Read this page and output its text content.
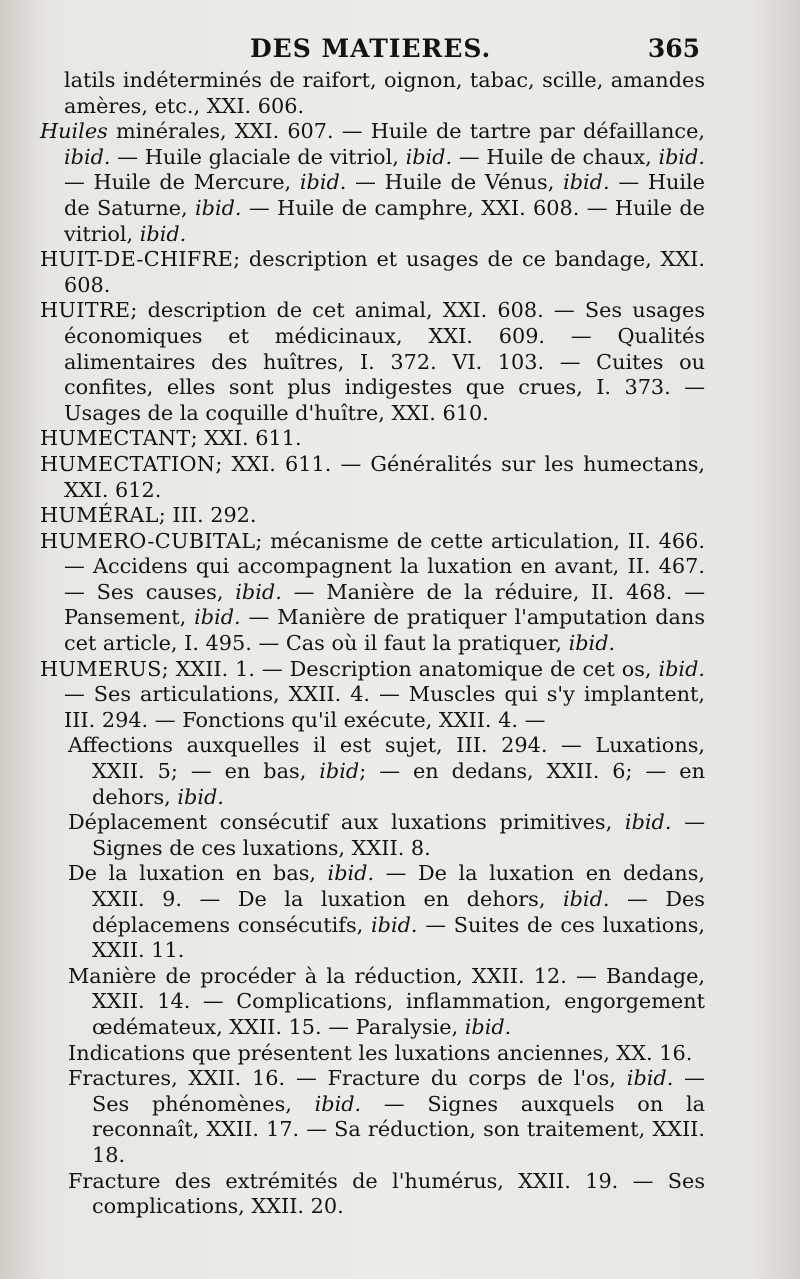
DES MATIERES.	365

latils indéterminés de raifort, oignon, tabac, scille, amandes amères, etc., XXI. 606.

Huiles minérales, XXI. 607. — Huile de tartre par défaillance, ibid. — Huile glaciale de vitriol, ibid. — Huile de chaux, ibid. — Huile de Mercure, ibid. — Huile de Vénus, ibid. — Huile de Saturne, ibid. — Huile de camphre, XXI. 608. — Huile de vitriol, ibid.

HUIT-DE-CHIFRE; description et usages de ce bandage, XXI. 608.

HUITRE; description de cet animal, XXI. 608. — Ses usages économiques et médicinaux, XXI. 609. — Qualités alimentaires des huîtres, I. 372. VI. 103. — Cuites ou confites, elles sont plus indigestes que crues, I. 373. — Usages de la coquille d'huître, XXI. 610.

HUMECTANT; XXI. 611.

HUMECTATION; XXI. 611. — Généralités sur les humectans, XXI. 612.

HUMÉRAL; III. 292.

HUMERO-CUBITAL; mécanisme de cette articulation, II. 466. — Accidens qui accompagnent la luxation en avant, II. 467. — Ses causes, ibid. — Manière de la réduire, II. 468. — Pansement, ibid. — Manière de pratiquer l'amputation dans cet article, I. 495. — Cas où il faut la pratiquer, ibid.

HUMERUS; XXII. 1. — Description anatomique de cet os, ibid. — Ses articulations, XXII. 4. — Muscles qui s'y implantent, III. 294. — Fonctions qu'il exécute, XXII. 4. —

Affections auxquelles il est sujet, III. 294. — Luxations, XXII. 5; — en bas, ibid; — en dedans, XXII. 6; — en dehors, ibid.

Déplacement consécutif aux luxations primitives, ibid. — Signes de ces luxations, XXII. 8.

De la luxation en bas, ibid. — De la luxation en dedans, XXII. 9. — De la luxation en dehors, ibid. — Des déplacemens consécutifs, ibid. — Suites de ces luxations, XXII. 11.

Manière de procéder à la réduction, XXII. 12. — Bandage, XXII. 14. — Complications, inflammation, engorgement œdémateux, XXII. 15. — Paralysie, ibid.

Indications que présentent les luxations anciennes, XX. 16.

Fractures, XXII. 16. — Fracture du corps de l'os, ibid. — Ses phénomènes, ibid. — Signes auxquels on la reconnaît, XXII. 17. — Sa réduction, son traitement, XXII. 18.

Fracture des extrémités de l'humérus, XXII. 19. — Ses complications, XXII. 20.
